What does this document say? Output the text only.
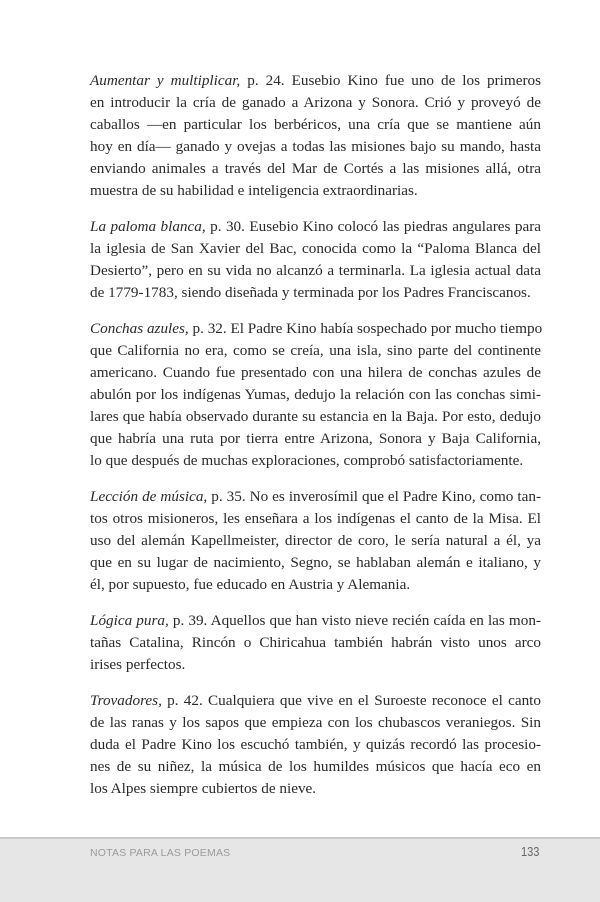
Aumentar y multiplicar, p. 24. Eusebio Kino fue uno de los primeros
en introducir la cría de ganado a Arizona y Sonora. Crió y proveyó de
caballos —en particular los berbéricos, una cría que se mantiene aún
hoy en día— ganado y ovejas a todas las misiones bajo su mando, hasta
enviando animales a través del Mar de Cortés a las misiones allá, otra
muestra de su habilidad e inteligencia extraordinarias.
La paloma blanca, p. 30. Eusebio Kino colocó las piedras angulares para
la iglesia de San Xavier del Bac, conocida como la “Paloma Blanca del
Desierto”, pero en su vida no alcanzó a terminarla. La iglesia actual data
de 1779-1783, siendo diseñada y terminada por los Padres Franciscanos.
Conchas azules, p. 32. El Padre Kino había sospechado por mucho tiempo
que California no era, como se creía, una isla, sino parte del continente
americano. Cuando fue presentado con una hilera de conchas azules de
abulón por los indígenas Yumas, dedujo la relación con las conchas simi-
lares que había observado durante su estancia en la Baja. Por esto, dedujo
que habría una ruta por tierra entre Arizona, Sonora y Baja California,
lo que después de muchas exploraciones, comprobó satisfactoriamente.
Lección de música, p. 35. No es inverosímil que el Padre Kino, como tan-
tos otros misioneros, les enseñara a los indígenas el canto de la Misa. El
uso del alemán Kapellmeister, director de coro, le sería natural a él, ya
que en su lugar de nacimiento, Segno, se hablaban alemán e italiano, y
él, por supuesto, fue educado en Austria y Alemania.
Lógica pura, p. 39. Aquellos que han visto nieve recién caída en las mon-
tañas Catalina, Rincón o Chiricahua también habrán visto unos arco
irises perfectos.
Trovadores, p. 42. Cualquiera que vive en el Suroeste reconoce el canto
de las ranas y los sapos que empieza con los chubascos veraniegos. Sin
duda el Padre Kino los escuchó también, y quizás recordó las procesio-
nes de su niñez, la música de los humildes músicos que hacía eco en
los Alpes siempre cubiertos de nieve.
NOTAS PARA LAS POEMAS	133
